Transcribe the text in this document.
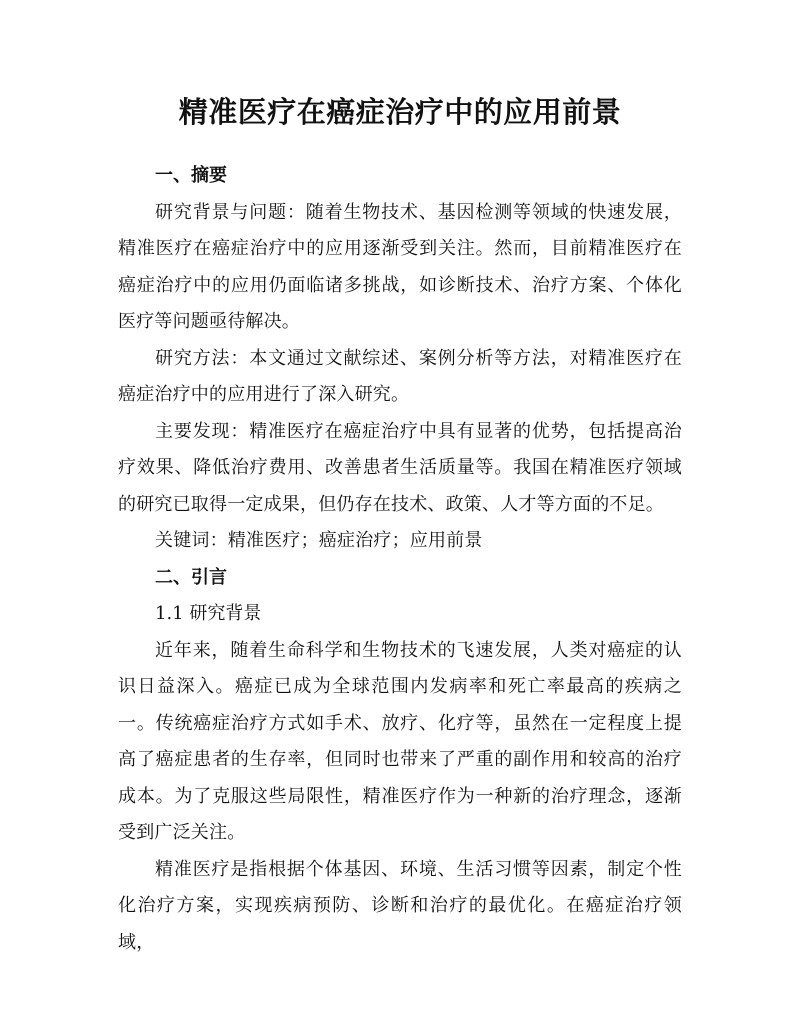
精准医疗在癌症治疗中的应用前景

一、摘要

研究背景与问题：随着生物技术、基因检测等领域的快速发展，精准医疗在癌症治疗中的应用逐渐受到关注。然而，目前精准医疗在癌症治疗中的应用仍面临诸多挑战，如诊断技术、治疗方案、个体化医疗等问题亟待解决。

研究方法：本文通过文献综述、案例分析等方法，对精准医疗在癌症治疗中的应用进行了深入研究。

主要发现：精准医疗在癌症治疗中具有显著的优势，包括提高治疗效果、降低治疗费用、改善患者生活质量等。我国在精准医疗领域的研究已取得一定成果，但仍存在技术、政策、人才等方面的不足。

关键词：精准医疗；癌症治疗；应用前景

二、引言

1.1 研究背景

近年来，随着生命科学和生物技术的飞速发展，人类对癌症的认识日益深入。癌症已成为全球范围内发病率和死亡率最高的疾病之一。传统癌症治疗方式如手术、放疗、化疗等，虽然在一定程度上提高了癌症患者的生存率，但同时也带来了严重的副作用和较高的治疗成本。为了克服这些局限性，精准医疗作为一种新的治疗理念，逐渐受到广泛关注。

精准医疗是指根据个体基因、环境、生活习惯等因素，制定个性化治疗方案，实现疾病预防、诊断和治疗的最优化。在癌症治疗领域，
